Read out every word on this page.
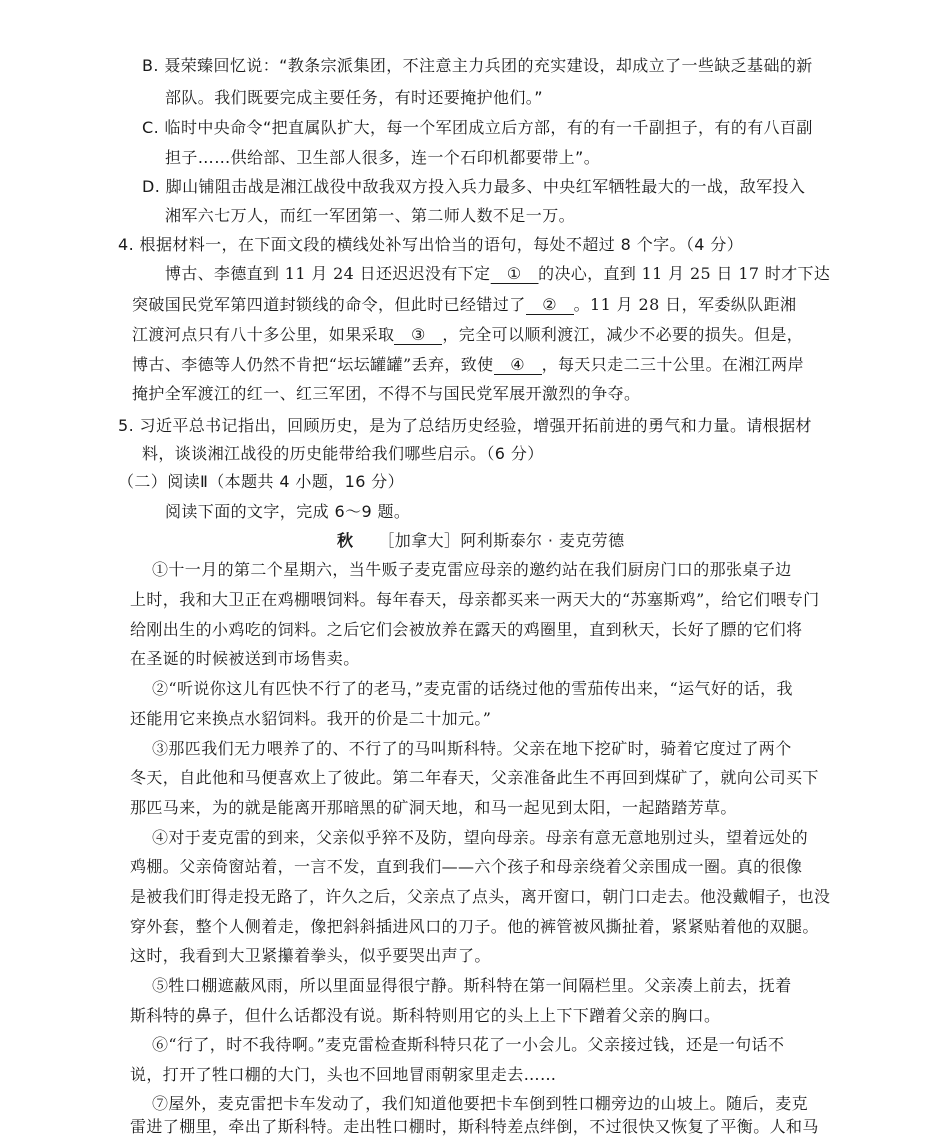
B. 聂荣臻回忆说：“教条宗派集团，不注意主力兵团的充实建设，却成立了一些缺乏基础的新
部队。我们既要完成主要任务，有时还要掩护他们。”
C. 临时中央命令“把直属队扩大，每一个军团成立后方部，有的有一千副担子，有的有八百副
担子……供给部、卫生部人很多，连一个石印机都要带上”。
D. 脚山铺阻击战是湘江战役中敌我双方投入兵力最多、中央红军牺牲最大的一战，敌军投入
湘军六七万人，而红一军团第一、第二师人数不足一万。
4. 根据材料一，在下面文段的横线处补写出恰当的语句，每处不超过 8 个字。（4 分）
博古、李德直到 11 月 24 日还迟迟没有下定 ① 的决心，直到 11 月 25 日 17 时才下达
突破国民党军第四道封锁线的命令，但此时已经错过了 ② 。11 月 28 日，军委纵队距湘
江渡河点只有八十多公里，如果采取 ③ ，完全可以顺利渡江，减少不必要的损失。但是，
博古、李德等人仍然不肯把“坛坛罐罐”丢弃，致使 ④ ，每天只走二三十公里。在湘江两岸
掩护全军渡江的红一、红三军团，不得不与国民党军展开激烈的争夺。
5. 习近平总书记指出，回顾历史，是为了总结历史经验，增强开拓前进的勇气和力量。请根据材
料，谈谈湘江战役的历史能带给我们哪些启示。（6 分）
（二）阅读Ⅱ（本题共 4 小题，16 分）
阅读下面的文字，完成 6～9 题。
秋 ［加拿大］阿利斯泰尔 · 麦克劳德
①十一月的第二个星期六，当牛贩子麦克雷应母亲的邀约站在我们厨房门口的那张桌子边
上时，我和大卫正在鸡棚喂饲料。每年春天，母亲都买来一两天大的“苏塞斯鸡”，给它们喂专门
给刚出生的小鸡吃的饲料。之后它们会被放养在露天的鸡圈里，直到秋天，长好了膘的它们将
在圣诞的时候被送到市场售卖。
②“听说你这儿有匹快不行了的老马，”麦克雷的话绕过他的雪茄传出来，“运气好的话，我
还能用它来换点水貂饲料。我开的价是二十加元。”
③那匹我们无力喂养了的、不行了的马叫斯科特。父亲在地下挖矿时，骑着它度过了两个
冬天，自此他和马便喜欢上了彼此。第二年春天，父亲准备此生不再回到煤矿了，就向公司买下
那匹马来，为的就是能离开那暗黑的矿洞天地，和马一起见到太阳，一起踏踏芳草。
④对于麦克雷的到来，父亲似乎猝不及防，望向母亲。母亲有意无意地别过头，望着远处的
鸡棚。父亲倚窗站着，一言不发，直到我们——六个孩子和母亲绕着父亲围成一圈。真的很像
是被我们盯得走投无路了，许久之后，父亲点了点头，离开窗口，朝门口走去。他没戴帽子，也没
穿外套，整个人侧着走，像把斜斜插进风口的刀子。他的裤管被风撕扯着，紧紧贴着他的双腿。
这时，我看到大卫紧攥着拳头，似乎要哭出声了。
⑤牲口棚遮蔽风雨，所以里面显得很宁静。斯科特在第一间隔栏里。父亲凑上前去，抚着
斯科特的鼻子，但什么话都没有说。斯科特则用它的头上上下下蹭着父亲的胸口。
⑥“行了，时不我待啊。”麦克雷检查斯科特只花了一小会儿。父亲接过钱，还是一句话不
说，打开了牲口棚的大门，头也不回地冒雨朝家里走去……
⑦屋外，麦克雷把卡车发动了，我们知道他要把卡车倒到牲口棚旁边的山坡上。随后，麦克
雷进了棚里，牵出了斯科特。走出牲口棚时，斯科特差点绊倒，不过很快又恢复了平衡。人和马
